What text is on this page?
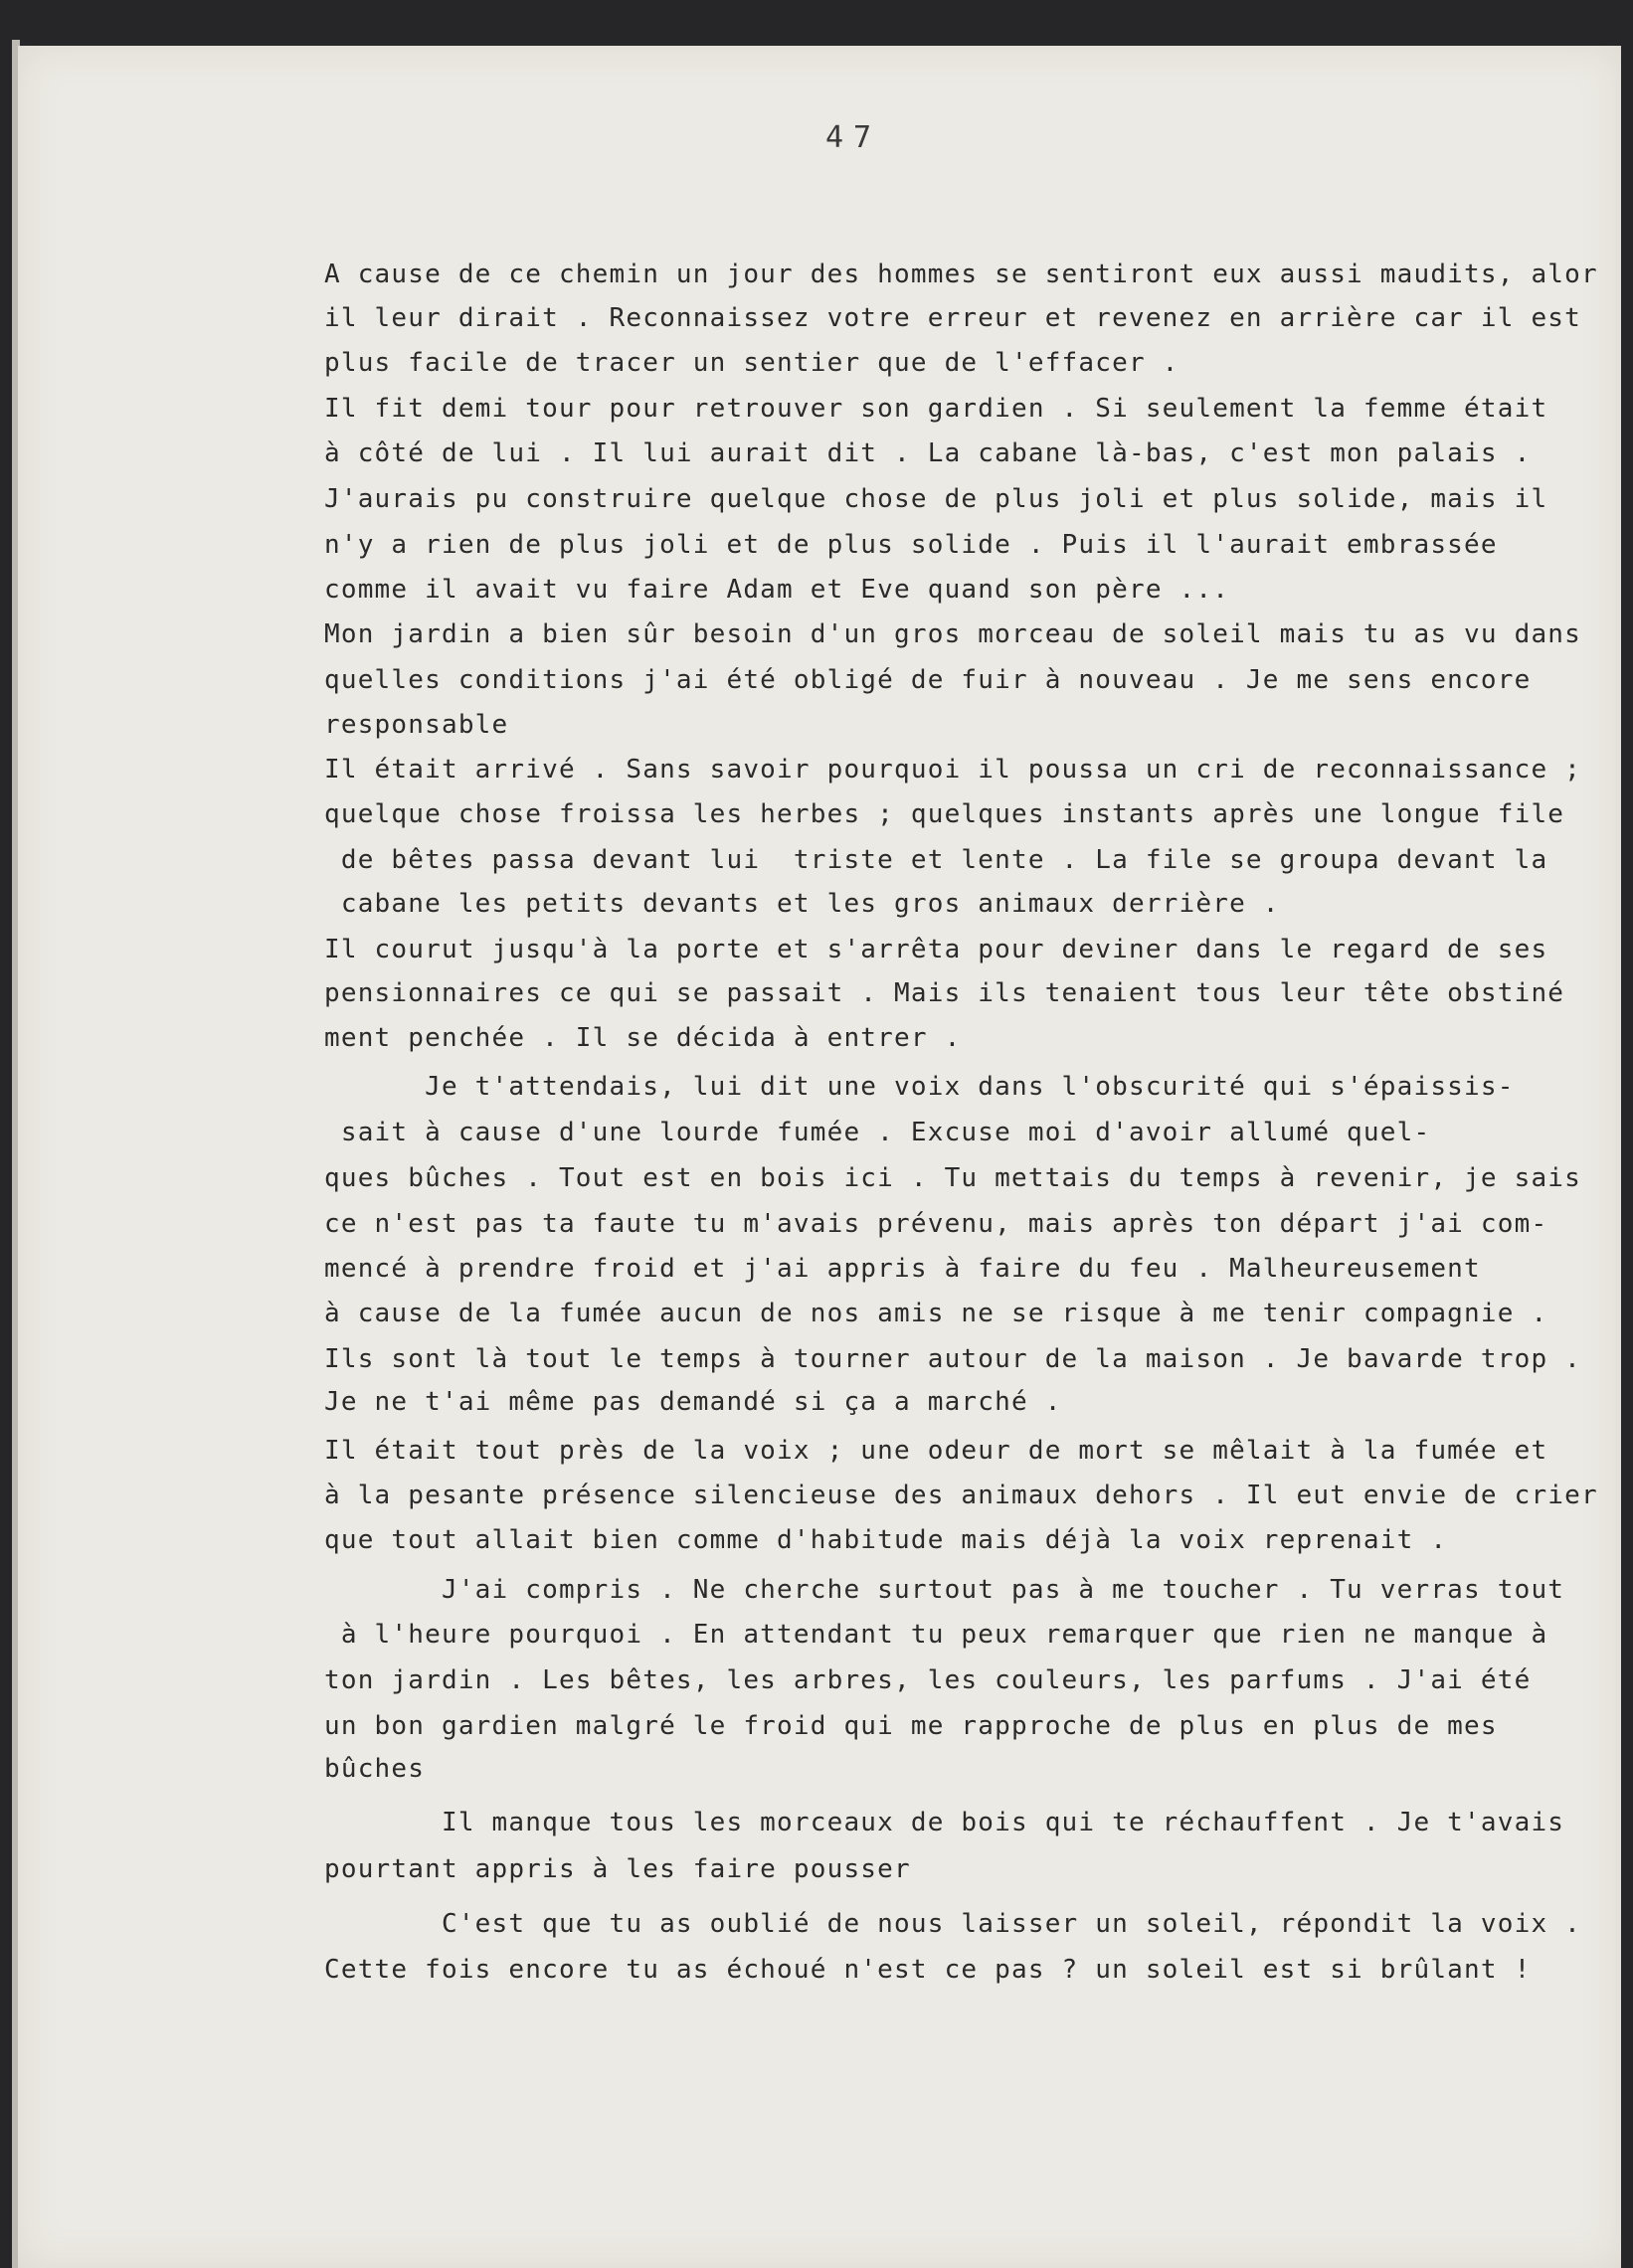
47
A cause de ce chemin un jour des hommes se sentiront eux aussi maudits, alor
il leur dirait . Reconnaissez votre erreur et revenez en arrière car il est
plus facile de tracer un sentier que de l'effacer .
Il fit demi tour pour retrouver son gardien . Si seulement la femme était
à côté de lui . Il lui aurait dit . La cabane là-bas, c'est mon palais .
J'aurais pu construire quelque chose de plus joli et plus solide, mais il
n'y a rien de plus joli et de plus solide . Puis il l'aurait embrassée
comme il avait vu faire Adam et Eve quand son père ...
Mon jardin a bien sûr besoin d'un gros morceau de soleil mais tu as vu dans
quelles conditions j'ai été obligé de fuir à nouveau . Je me sens encore
responsable
Il était arrivé . Sans savoir pourquoi il poussa un cri de reconnaissance ;
quelque chose froissa les herbes ; quelques instants après une longue file
de bêtes passa devant lui  triste et lente . La file se groupa devant la
cabane les petits devants et les gros animaux derrière .
Il courut jusqu'à la porte et s'arrêta pour deviner dans le regard de ses
pensionnaires ce qui se passait . Mais ils tenaient tous leur tête obstiné
ment penchée . Il se décida à entrer .
Je t'attendais, lui dit une voix dans l'obscurité qui s'épaissis-
sait à cause d'une lourde fumée . Excuse moi d'avoir allumé quel-
ques bûches . Tout est en bois ici . Tu mettais du temps à revenir, je sais
ce n'est pas ta faute tu m'avais prévenu, mais après ton départ j'ai com-
mencé à prendre froid et j'ai appris à faire du feu . Malheureusement
à cause de la fumée aucun de nos amis ne se risque à me tenir compagnie .
Ils sont là tout le temps à tourner autour de la maison . Je bavarde trop .
Je ne t'ai même pas demandé si ça a marché .
Il était tout près de la voix ; une odeur de mort se mêlait à la fumée et
à la pesante présence silencieuse des animaux dehors . Il eut envie de crier
que tout allait bien comme d'habitude mais déjà la voix reprenait .
J'ai compris . Ne cherche surtout pas à me toucher . Tu verras tout
à l'heure pourquoi . En attendant tu peux remarquer que rien ne manque à
ton jardin . Les bêtes, les arbres, les couleurs, les parfums . J'ai été
un bon gardien malgré le froid qui me rapproche de plus en plus de mes
bûches
Il manque tous les morceaux de bois qui te réchauffent . Je t'avais
pourtant appris à les faire pousser
C'est que tu as oublié de nous laisser un soleil, répondit la voix .
Cette fois encore tu as échoué n'est ce pas ? un soleil est si brûlant !
